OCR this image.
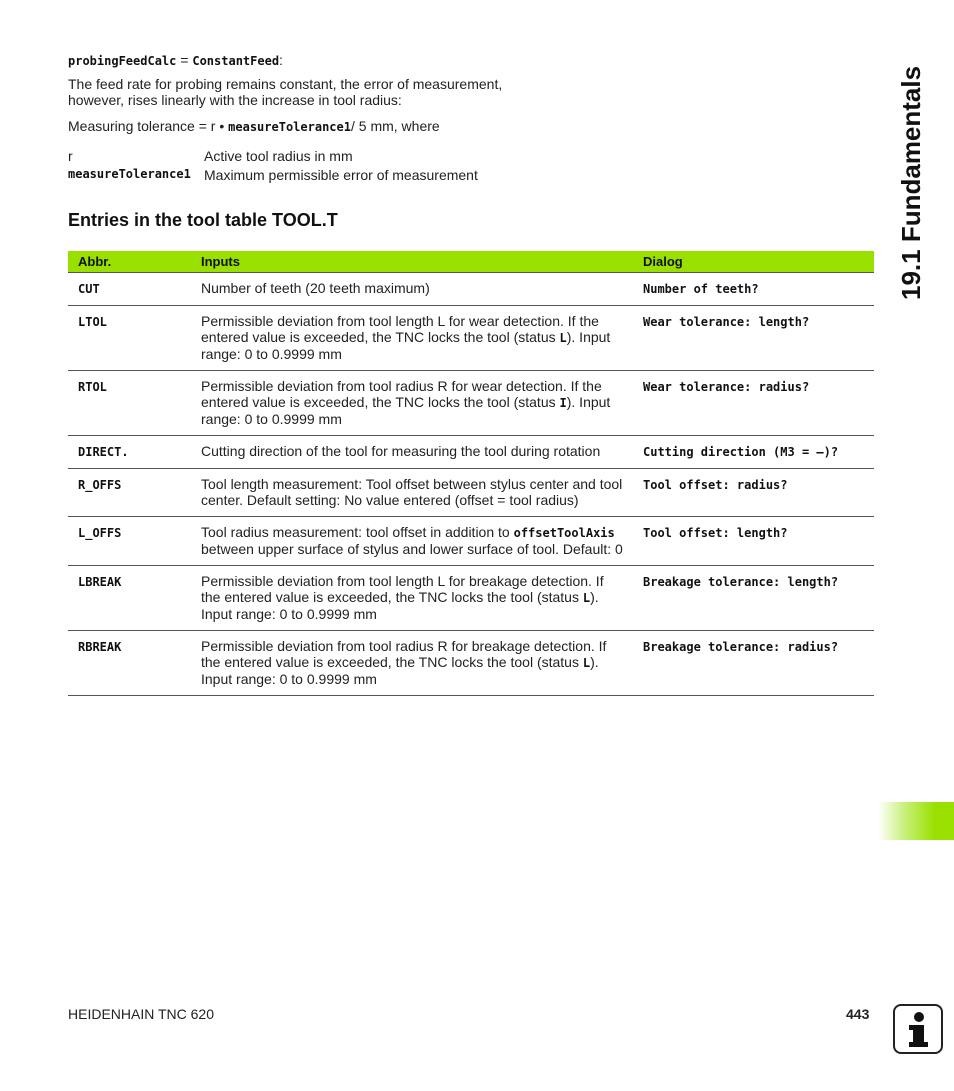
probingFeedCalc = ConstantFeed:

The feed rate for probing remains constant, the error of measurement, however, rises linearly with the increase in tool radius:

Measuring tolerance = r • measureTolerance1/ 5 mm, where

r	Active tool radius in mm
measureTolerance1 Maximum permissible error of measurement
Entries in the tool table TOOL.T
Abbr.	Inputs	Dialog
CUT	Number of teeth (20 teeth maximum)	Number of teeth?
LTOL	Permissible deviation from tool length L for wear detection. If the entered value is exceeded, the TNC locks the tool (status L). Input range: 0 to 0.9999 mm	Wear tolerance: length?
RTOL	Permissible deviation from tool radius R for wear detection. If the entered value is exceeded, the TNC locks the tool (status I). Input range: 0 to 0.9999 mm	Wear tolerance: radius?
DIRECT.	Cutting direction of the tool for measuring the tool during rotation	Cutting direction (M3 = –)?
R_OFFS	Tool length measurement: Tool offset between stylus center and tool center. Default setting: No value entered (offset = tool radius)	Tool offset: radius?
L_OFFS	Tool radius measurement: tool offset in addition to offsetToolAxis between upper surface of stylus and lower surface of tool. Default: 0	Tool offset: length?
LBREAK	Permissible deviation from tool length L for breakage detection. If the entered value is exceeded, the TNC locks the tool (status L). Input range: 0 to 0.9999 mm	Breakage tolerance: length?
RBREAK	Permissible deviation from tool radius R for breakage detection. If the entered value is exceeded, the TNC locks the tool (status L). Input range: 0 to 0.9999 mm	Breakage tolerance: radius?
19.1 Fundamentals
HEIDENHAIN TNC 620	443
